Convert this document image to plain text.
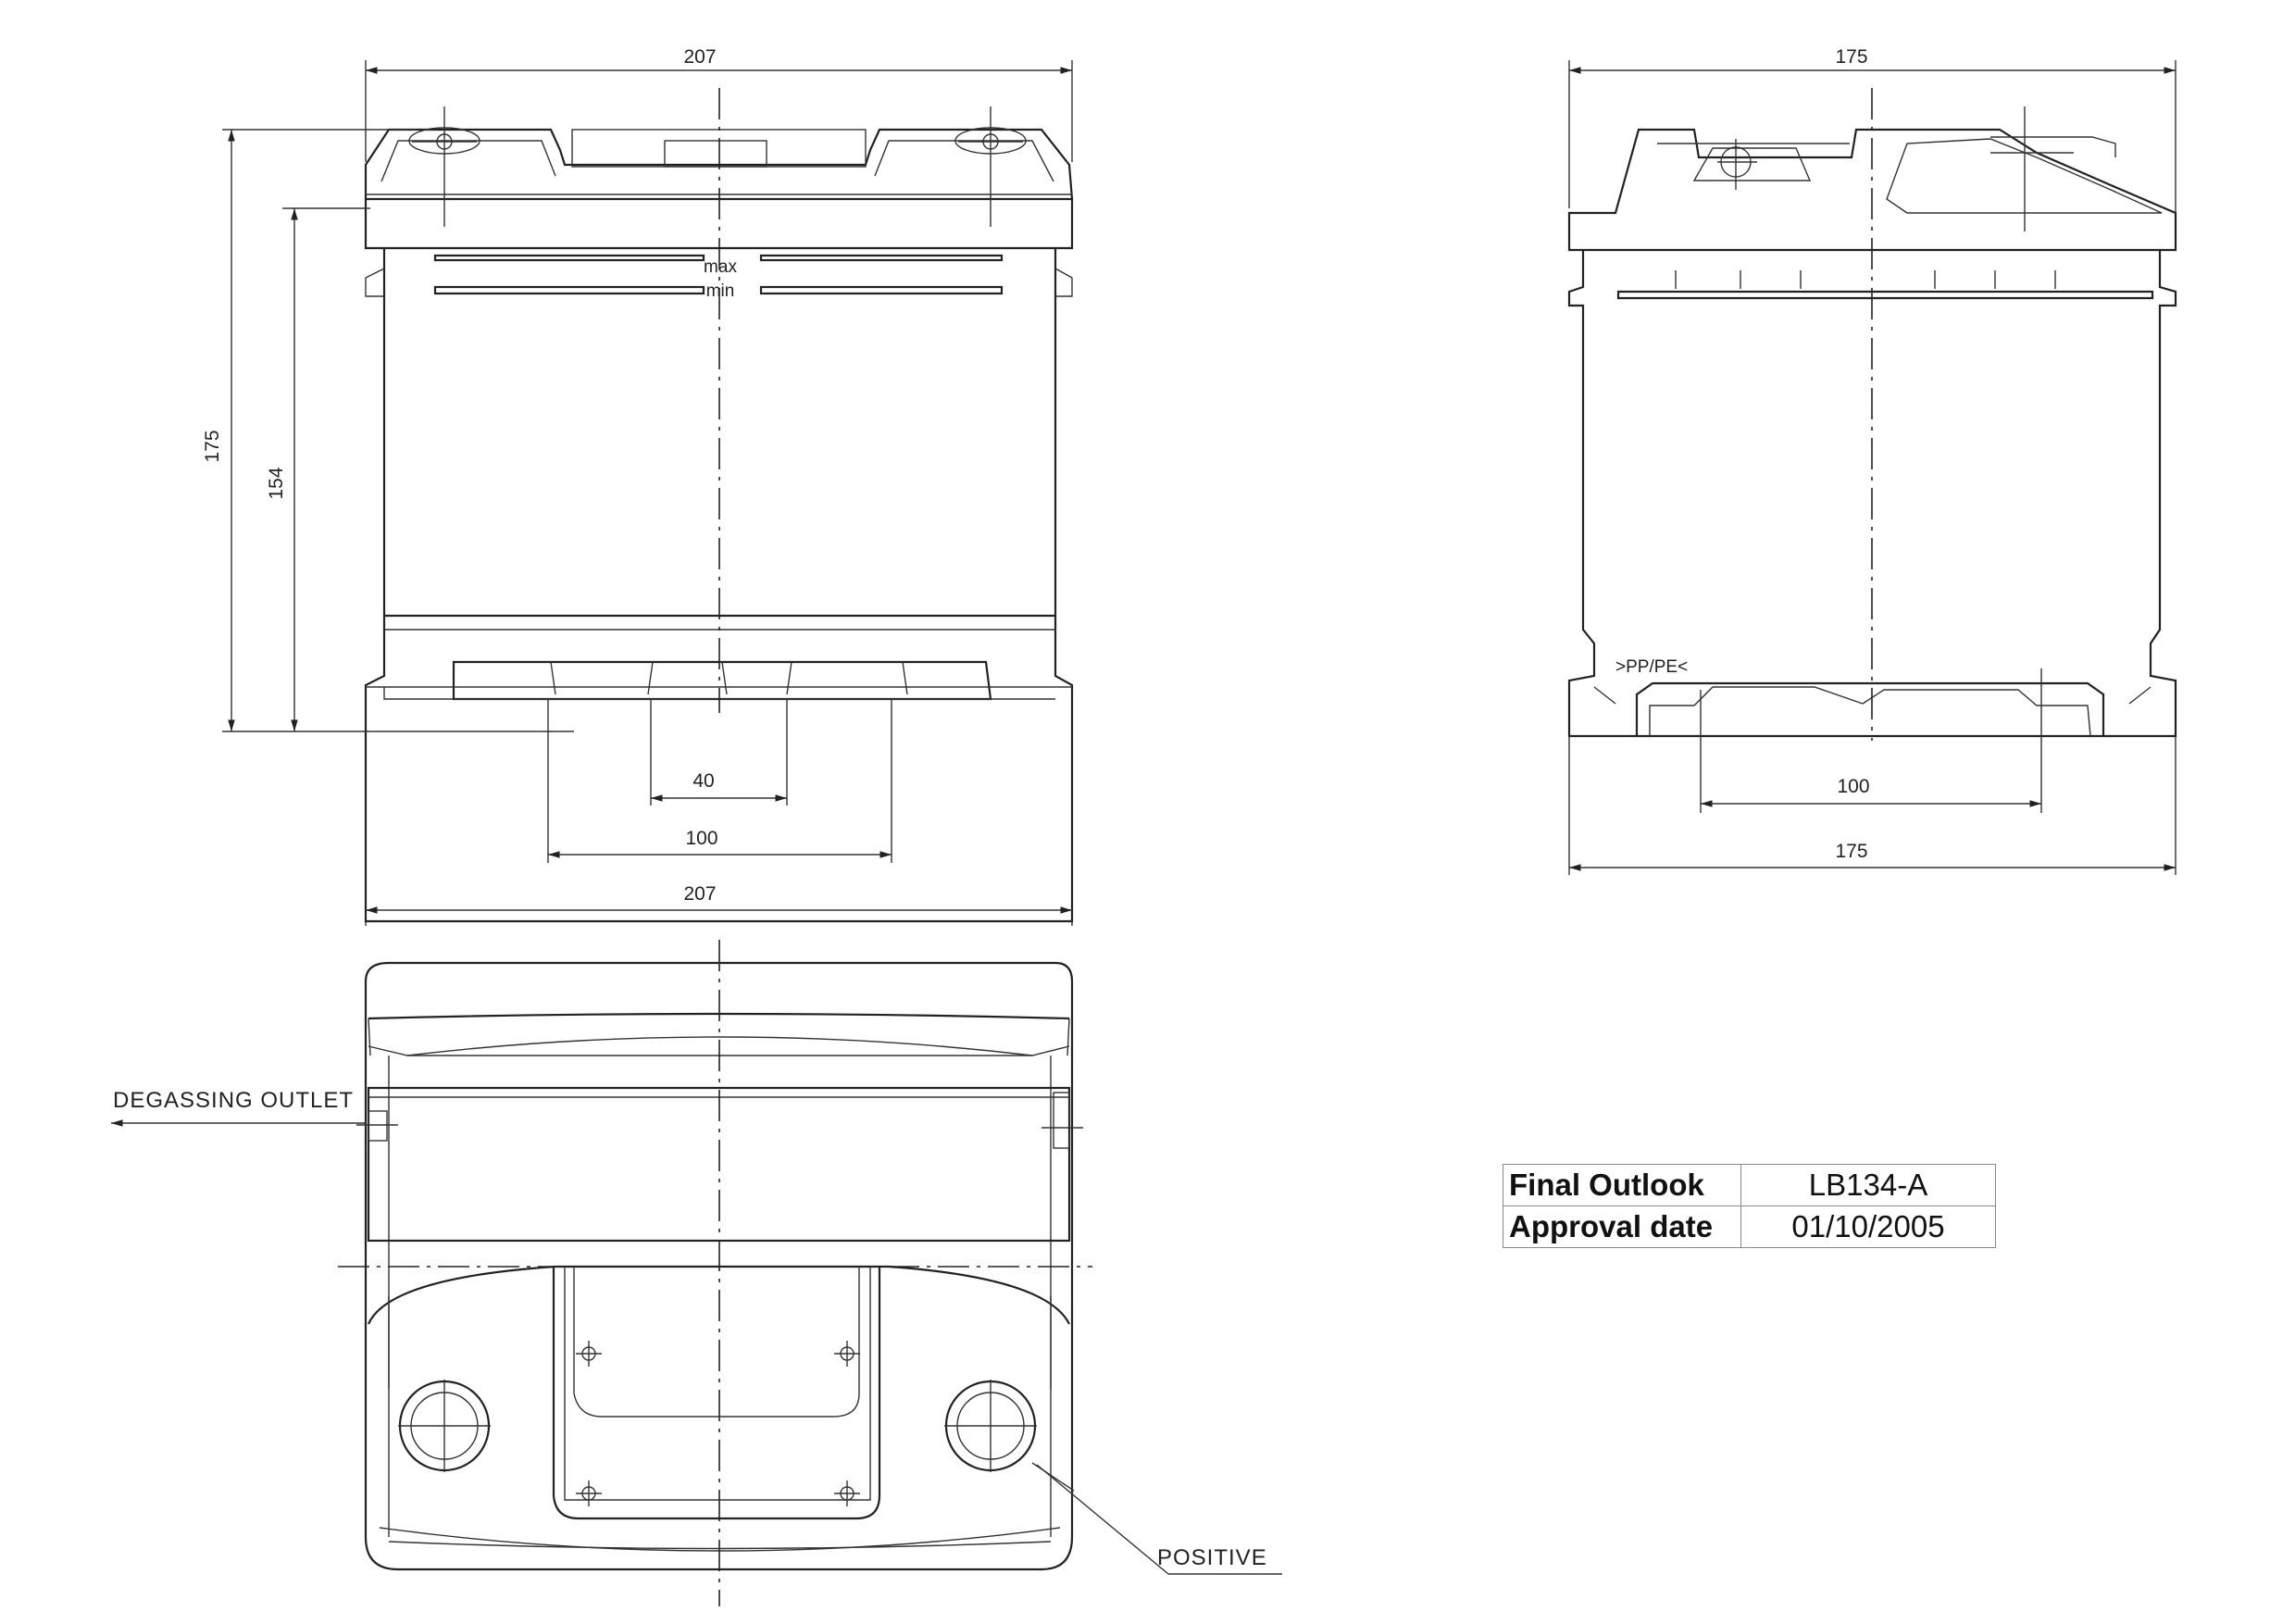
max
min
207
207
175
154
40
100
>PP/PE<
175
100
175
DEGASSING OUTLET
POSITIVE
Final Outlook	LB134-A
Approval date	01/10/2005
